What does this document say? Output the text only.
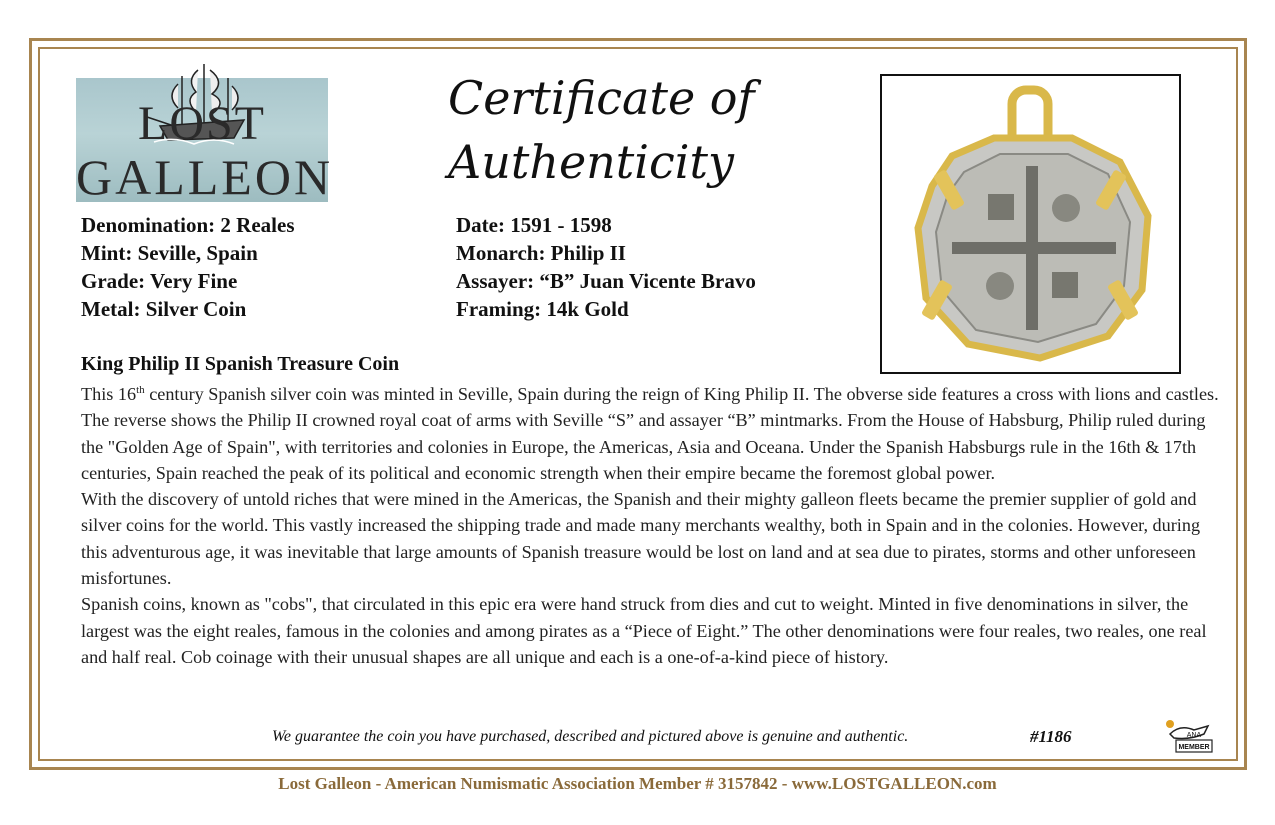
LOST
GALLEON
Certificate of
Authenticity
Denomination: 2 Reales
Mint: Seville, Spain
Grade: Very Fine
Metal: Silver Coin
Date: 1591 - 1598
Monarch: Philip II
Assayer: “B” Juan Vicente Bravo
Framing: 14k Gold
King Philip II Spanish Treasure Coin

This 16th century Spanish silver coin was minted in Seville, Spain during the reign of King Philip II. The obverse side features a cross with lions and castles. The reverse shows the Philip II crowned royal coat of arms with Seville “S” and assayer “B” mintmarks. From the House of Habsburg, Philip ruled during the "Golden Age of Spain", with territories and colonies in Europe, the Americas, Asia and Oceana. Under the Spanish Habsburgs rule in the 16th & 17th centuries, Spain reached the peak of its political and economic strength when their empire became the foremost global power.

With the discovery of untold riches that were mined in the Americas, the Spanish and their mighty galleon fleets became the premier supplier of gold and silver coins for the world. This vastly increased the shipping trade and made many merchants wealthy, both in Spain and in the colonies. However, during this adventurous age, it was inevitable that large amounts of Spanish treasure would be lost on land and at sea due to pirates, storms and other unforeseen misfortunes.

Spanish coins, known as "cobs", that circulated in this epic era were hand struck from dies and cut to weight. Minted in five denominations in silver, the largest was the eight reales, famous in the colonies and among pirates as a “Piece of Eight.” The other denominations were four reales, two reales, one real and half real. Cob coinage with their unusual shapes are all unique and each is a one-of-a-kind piece of history.

We guarantee the coin you have purchased, described and pictured above is genuine and authentic.	#1186	ANA
MEMBER
Lost Galleon - American Numismatic Association Member # 3157842 - www.LOSTGALLEON.com
